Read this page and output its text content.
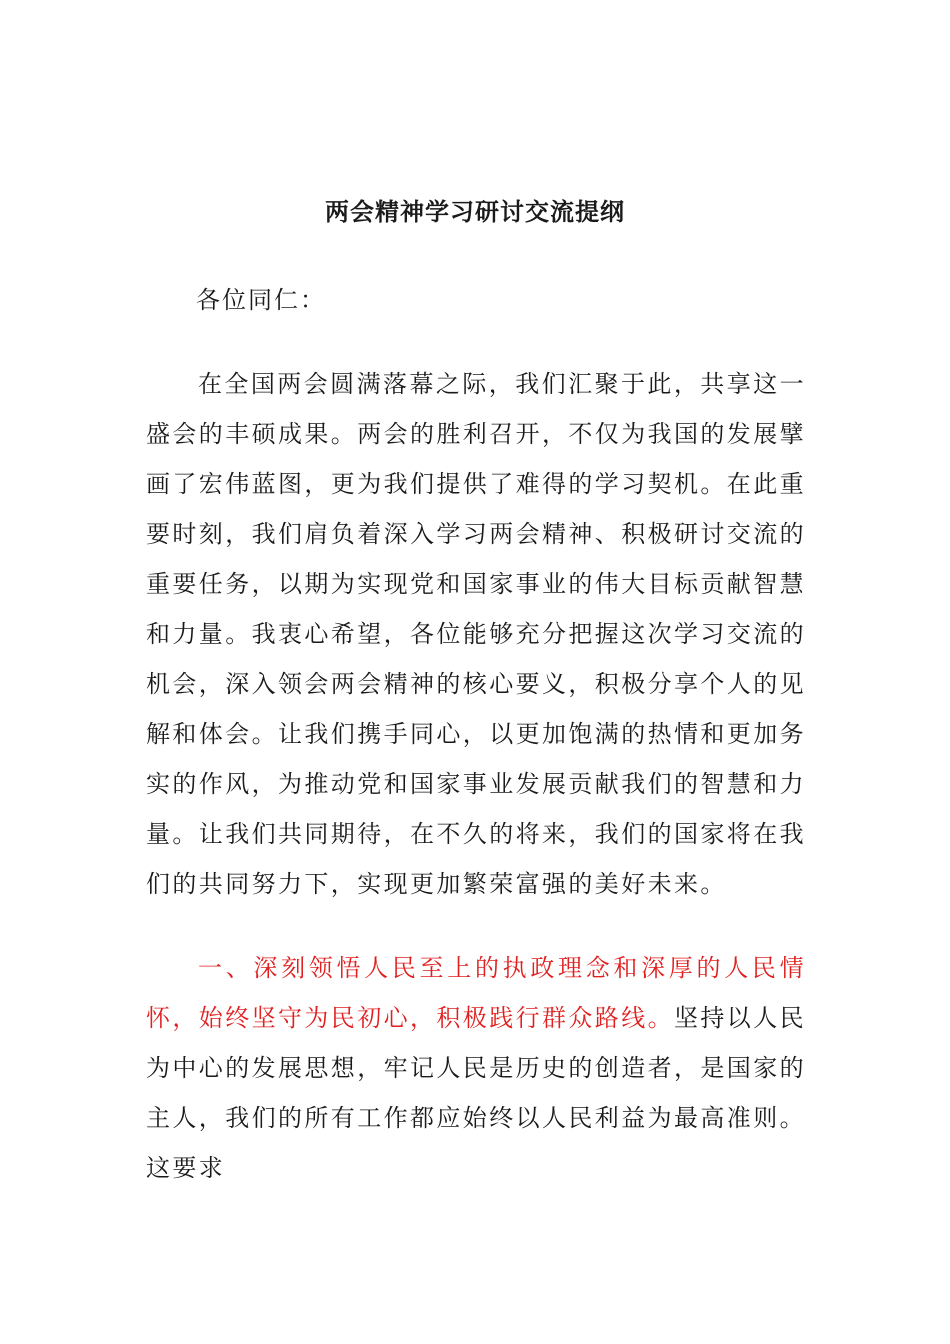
两会精神学习研讨交流提纲
各位同仁：

在全国两会圆满落幕之际，我们汇聚于此，共享这一盛会的丰硕成果。两会的胜利召开，不仅为我国的发展擘画了宏伟蓝图，更为我们提供了难得的学习契机。在此重要时刻，我们肩负着深入学习两会精神、积极研讨交流的重要任务，以期为实现党和国家事业的伟大目标贡献智慧和力量。我衷心希望，各位能够充分把握这次学习交流的机会，深入领会两会精神的核心要义，积极分享个人的见解和体会。让我们携手同心，以更加饱满的热情和更加务实的作风，为推动党和国家事业发展贡献我们的智慧和力量。让我们共同期待，在不久的将来，我们的国家将在我们的共同努力下，实现更加繁荣富强的美好未来。

一、深刻领悟人民至上的执政理念和深厚的人民情怀，始终坚守为民初心，积极践行群众路线。坚持以人民为中心的发展思想，牢记人民是历史的创造者，是国家的主人，我们的所有工作都应始终以人民利益为最高准则。这要求
